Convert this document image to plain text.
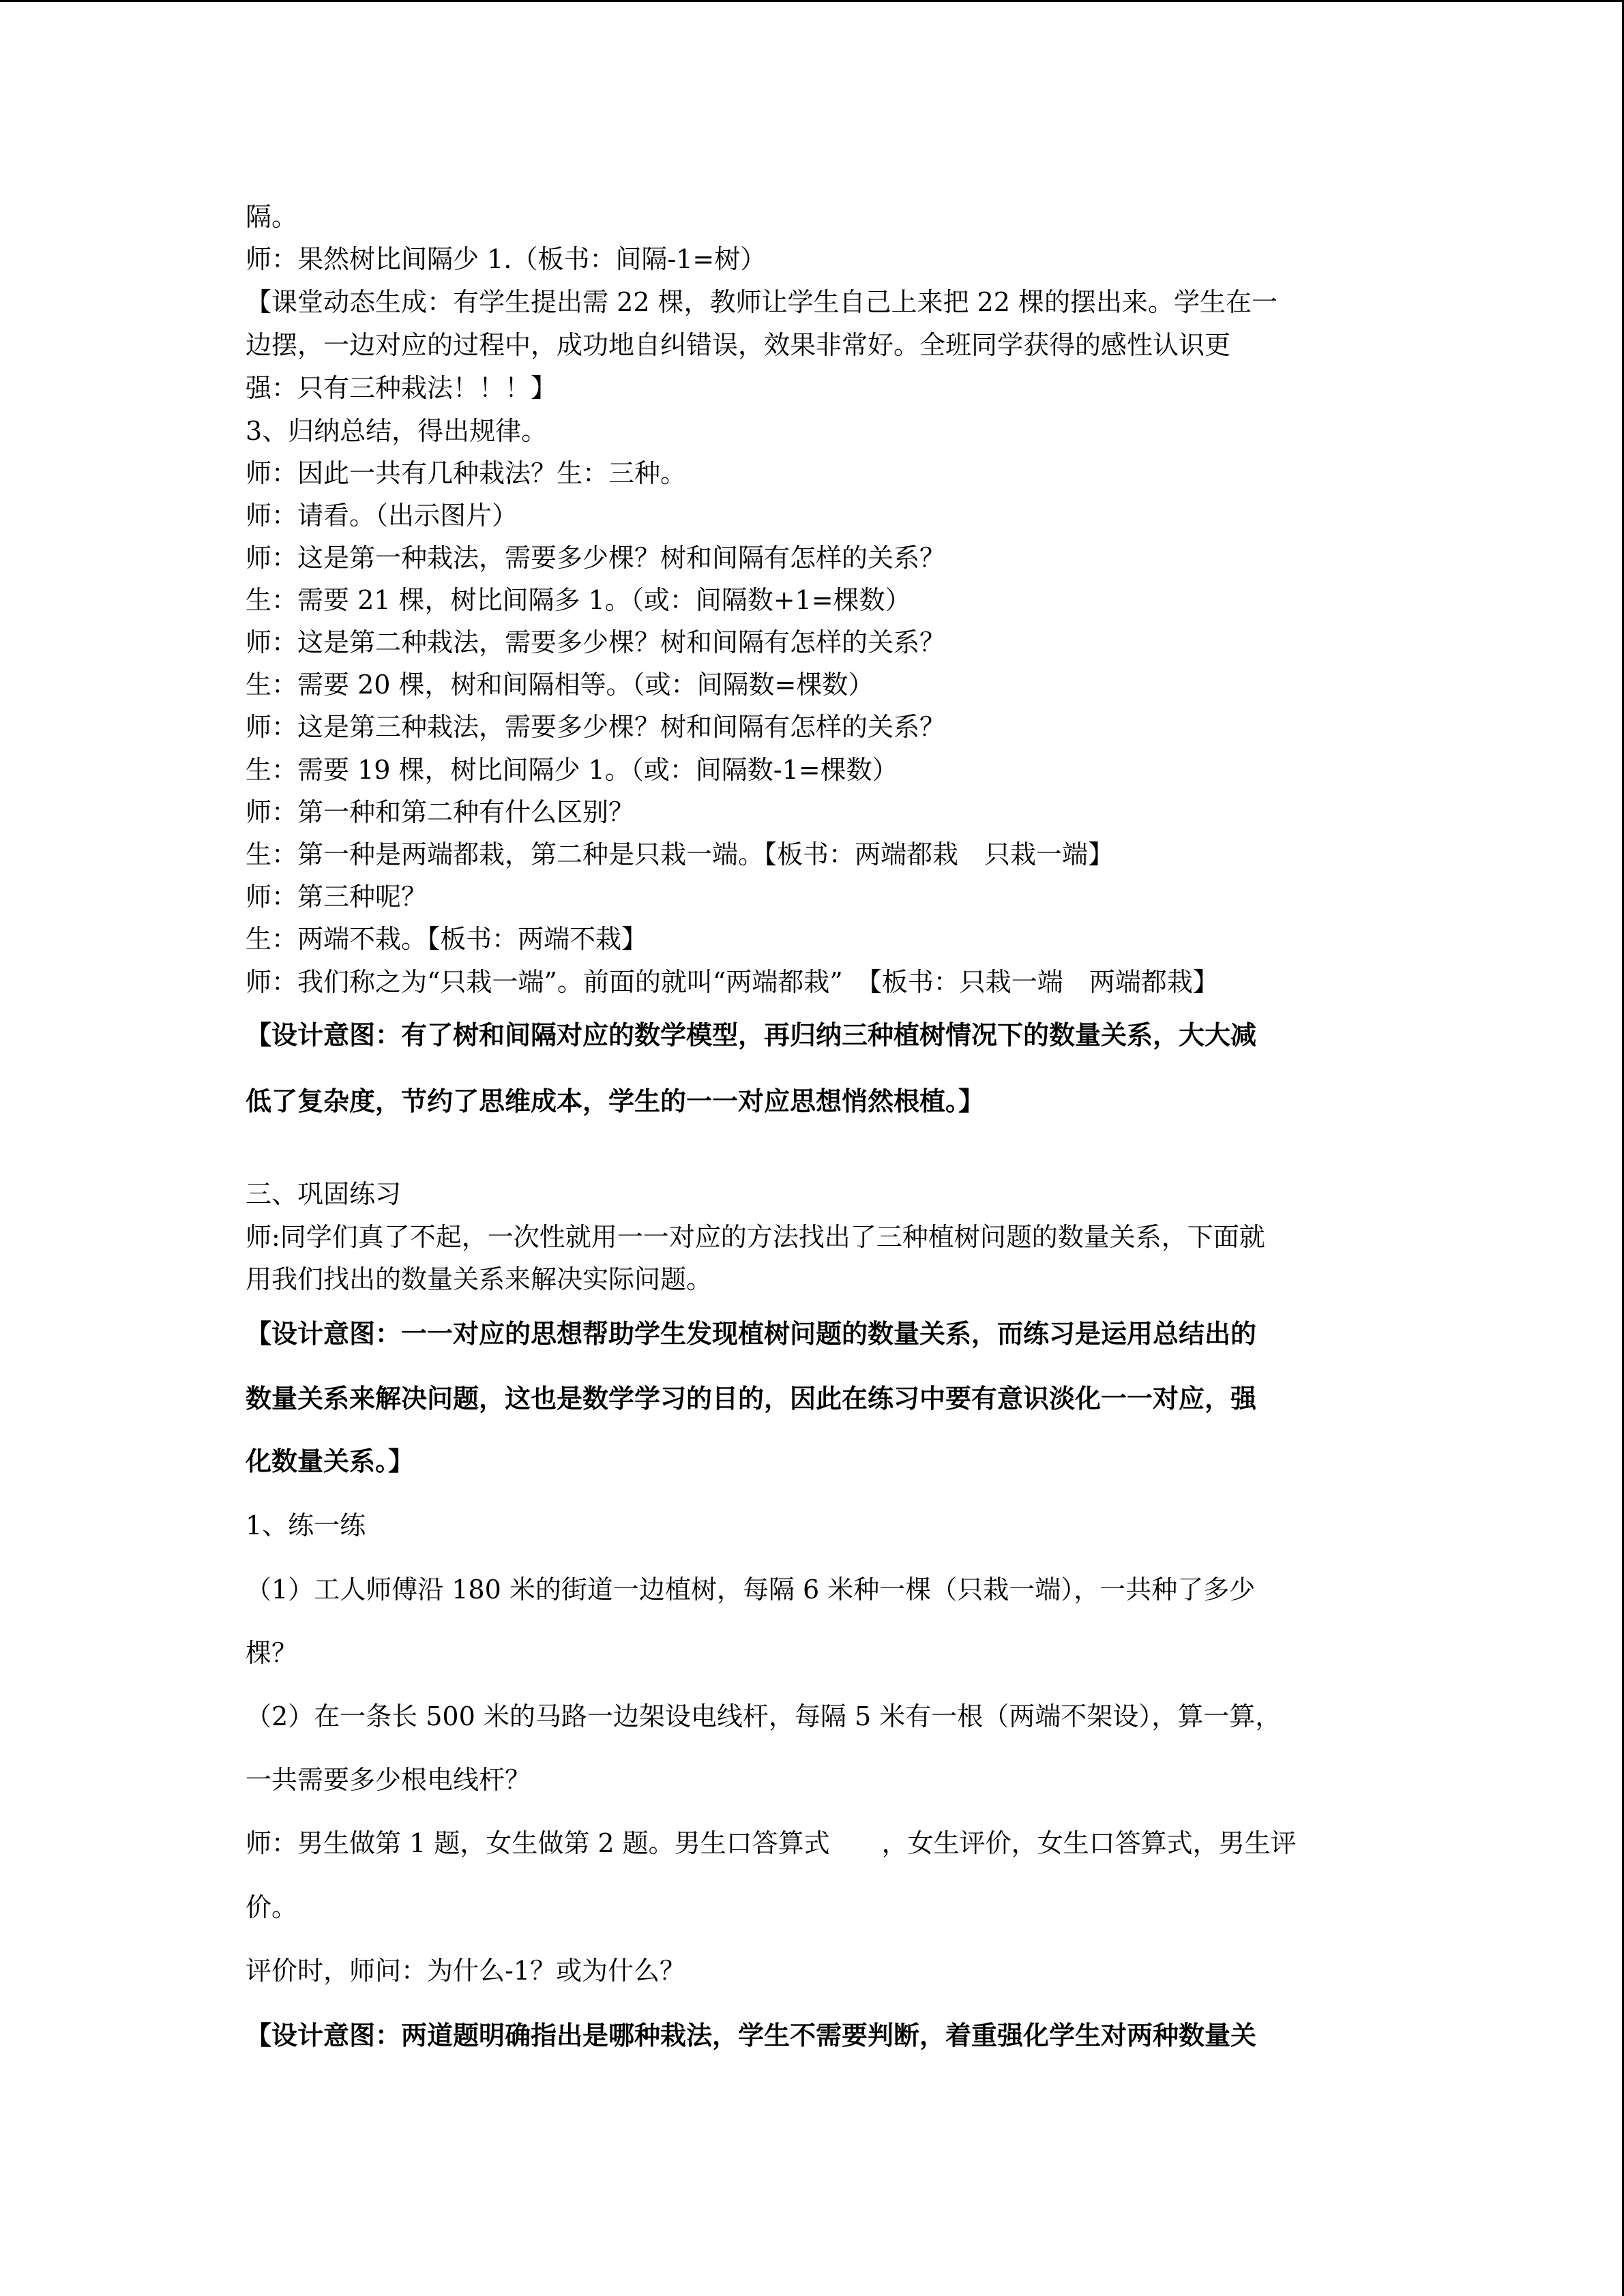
隔。

师：果然树比间隔少 1.（板书：间隔-1=树）

【课堂动态生成：有学生提出需 22 棵，教师让学生自己上来把 22 棵的摆出来。学生在一

边摆，一边对应的过程中，成功地自纠错误，效果非常好。全班同学获得的感性认识更

强：只有三种栽法！！！】

3、归纳总结，得出规律。

师：因此一共有几种栽法？生：三种。

师：请看。（出示图片）

师：这是第一种栽法，需要多少棵？树和间隔有怎样的关系？

生：需要 21 棵，树比间隔多 1。（或：间隔数+1=棵数）

师：这是第二种栽法，需要多少棵？树和间隔有怎样的关系？

生：需要 20 棵，树和间隔相等。（或：间隔数=棵数）

师：这是第三种栽法，需要多少棵？树和间隔有怎样的关系？

生：需要 19 棵，树比间隔少 1。（或：间隔数-1=棵数）

师：第一种和第二种有什么区别？

生：第一种是两端都栽，第二种是只栽一端。【板书：两端都栽　只栽一端】

师：第三种呢？

生：两端不栽。【板书：两端不栽】

师：我们称之为“只栽一端”。前面的就叫“两端都栽”　【板书：只栽一端　两端都栽】

【设计意图：有了树和间隔对应的数学模型，再归纳三种植树情况下的数量关系，大大减

低了复杂度，节约了思维成本，学生的一一对应思想悄然根植。】

三、巩固练习

师:同学们真了不起，一次性就用一一对应的方法找出了三种植树问题的数量关系，下面就

用我们找出的数量关系来解决实际问题。

【设计意图：一一对应的思想帮助学生发现植树问题的数量关系，而练习是运用总结出的

数量关系来解决问题，这也是数学学习的目的，因此在练习中要有意识淡化一一对应，强

化数量关系。】

1、练一练

（1）工人师傅沿 180 米的街道一边植树，每隔 6 米种一棵（只栽一端），一共种了多少

棵？

（2）在一条长 500 米的马路一边架设电线杆，每隔 5 米有一根（两端不架设），算一算，

一共需要多少根电线杆？

师：男生做第 1 题，女生做第 2 题。男生口答算式　　，女生评价，女生口答算式，男生评

价。

评价时，师问：为什么-1？或为什么？

【设计意图：两道题明确指出是哪种栽法，学生不需要判断，着重强化学生对两种数量关
